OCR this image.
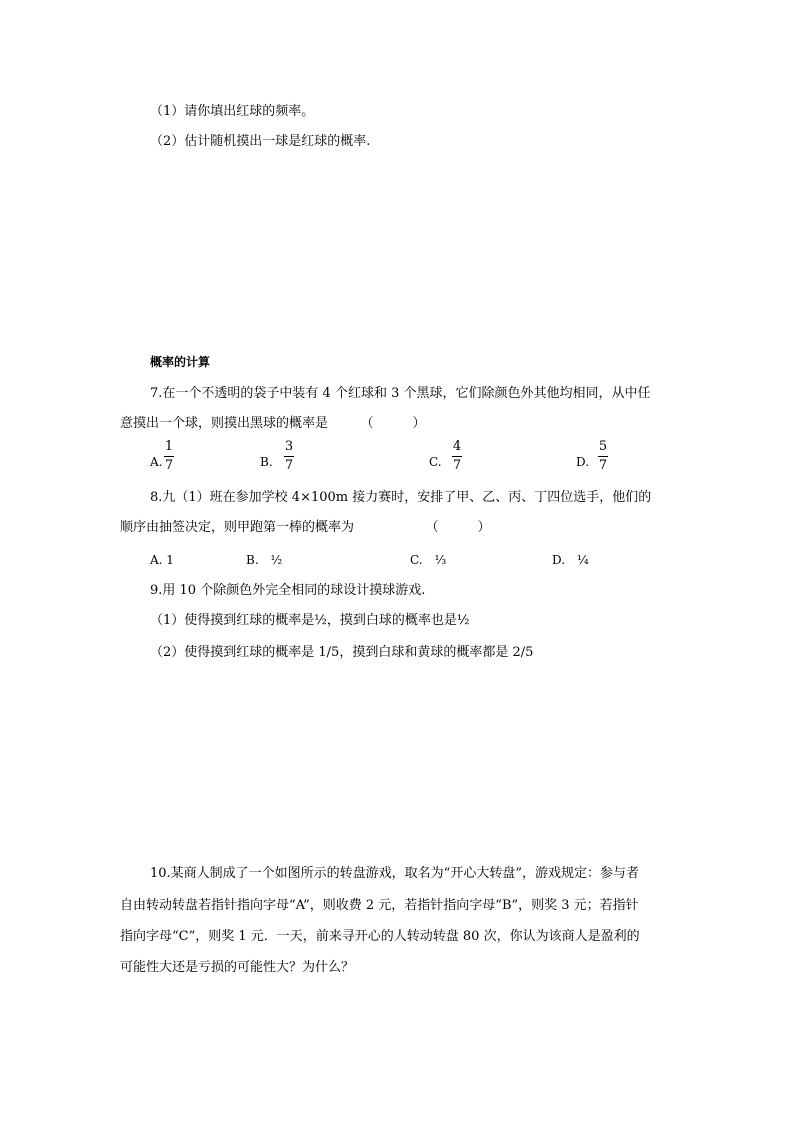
（1）请你填出红球的频率。
（2）估计随机摸出一球是红球的概率.
概率的计算
7.在一个不透明的袋子中装有 4 个红球和 3 个黑球，它们除颜色外其他均相同，从中任
意摸出一个球，则摸出黑球的概率是　　　（　　　）
A.
1
7	B.
3
7	C.
4
7	D.
5
7
8.九（1）班在参加学校 4×100m 接力赛时，安排了甲、乙、丙、丁四位选手，他们的
顺序由抽签决定，则甲跑第一棒的概率为　　　　　　（　　　）
A. 1	B.　½	C.　⅓	D.　¼
9.用 10 个除颜色外完全相同的球设计摸球游戏.
（1）使得摸到红球的概率是½，摸到白球的概率也是½
（2）使得摸到红球的概率是 1/5，摸到白球和黄球的概率都是 2/5
10.某商人制成了一个如图所示的转盘游戏，取名为“开心大转盘”，游戏规定：参与者
自由转动转盘若指针指向字母“A”，则收费 2 元，若指针指向字母“B”，则奖 3 元；若指针
指向字母“C”，则奖 1 元．一天，前来寻开心的人转动转盘 80 次，你认为该商人是盈利的
可能性大还是亏损的可能性大？为什么？
